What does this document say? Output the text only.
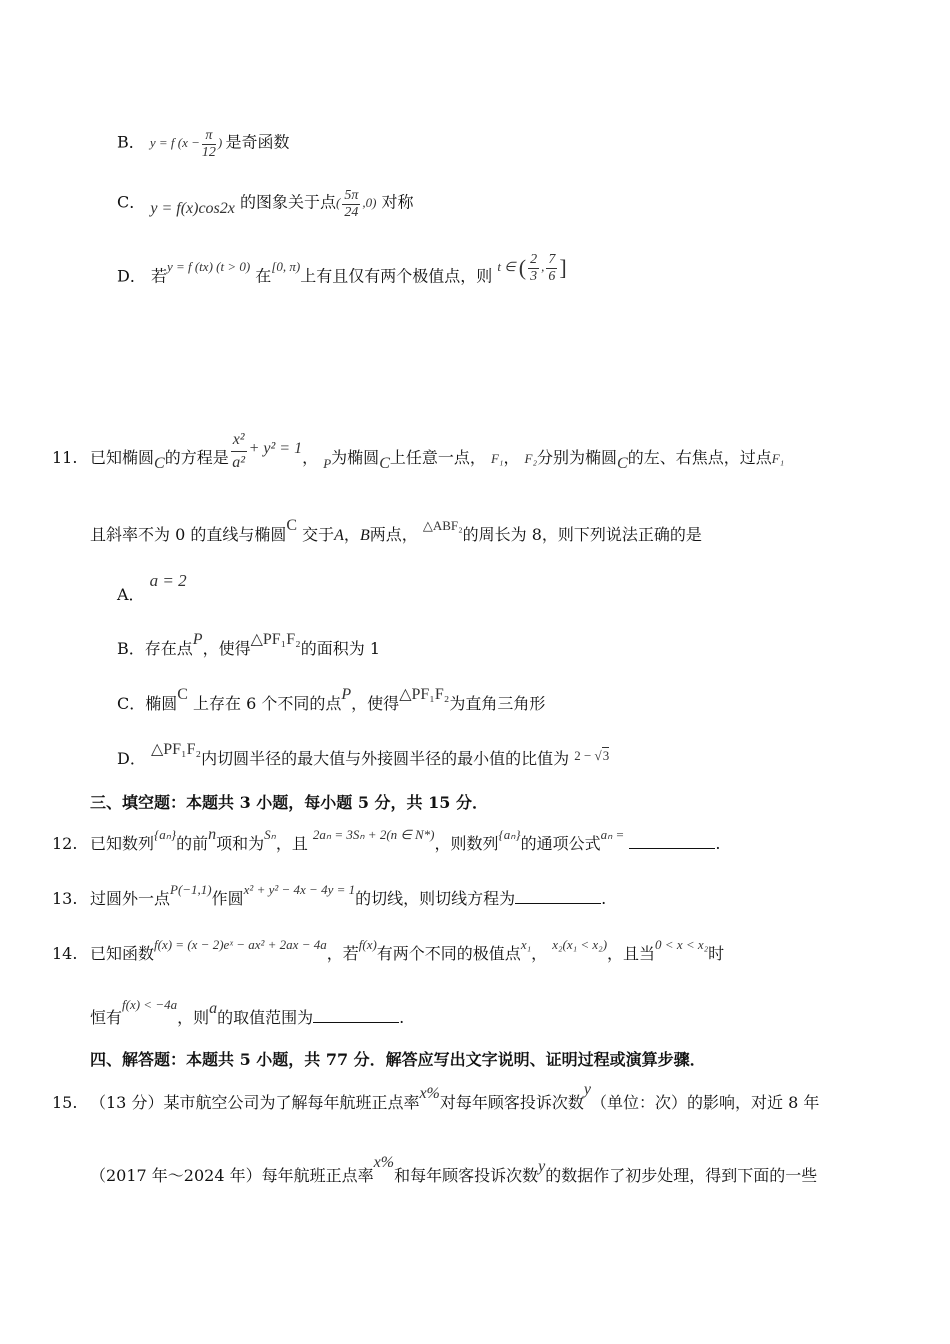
B． y = f ($x - \frac{\pi}{12}$ ) 是奇函数
C． y = f(x)cos2x 的图象关于点( $\frac{5\pi}{24} ,0$) 对称
D． 若$^{y = f (tx) (t > 0)}$ 在$^{[0, \pi)}$上有且仅有两个极值点，则 $^{t \in ( \frac{2}{3} , \frac{7}{6} ]}$
11. 已知椭圆C的方程是 $\frac{\text{x²}}{\text{a²}} + y^2 = 1$， $_P$为椭圆C上任意一点， F₁， F₂分别为椭圆C的左、右焦点，过点F₁
且斜率不为 0 的直线与椭圆C 交于A，B两点， $^{\triangle ABF_2}$的周长为 8，则下列说法正确的是
A． a = 2
B．存在点P，使得△PF₁F₂的面积为 1
C．椭圆C 上存在 6 个不同的点P，使得△PF₁F₂为直角三角形
D． △PF₁F₂内切圆半径的最大值与外接圆半径的最小值的比值为 $^{2 - √3}$
三、填空题：本题共 3 小题，每小题 5 分，共 15 分．
12. 已知数列$^{\{a_n\}}$的前n项和为$^{S_n}$，且 $^{2a_n = 3S_n + 2(n \in N*)}$，则数列$^{\{a_n\}}$的通项公式$^{a_n =}$	.
13. 过圆外一点$^{P(-1,1)}$作圆$^{x^2 + y^2 - 4x - 4y = 1}$的切线，则切线方程为	.
14. 已知函数$^{f(x) = (x - 2)eˣ - ax^2 + 2ax - 4a}$，若$^{f(x)}$有两个不同的极值点$^{x_1}$， $^{x_2(x_1 < x_2)}$，且当$^{0 < x < x_2}$时
恒有$^{f(x) < -4a}$，则a的取值范围为	.
四、解答题：本题共 5 小题，共 77 分．解答应写出文字说明、证明过程或演算步骤．
15. （13 分）某市航空公司为了解每年航班正点率x%对每年顾客投诉次数y（单位：次）的影响，对近 8 年
（2017 年～2024 年）每年航班正点率x%和每年顾客投诉次数y的数据作了初步处理，得到下面的一些
